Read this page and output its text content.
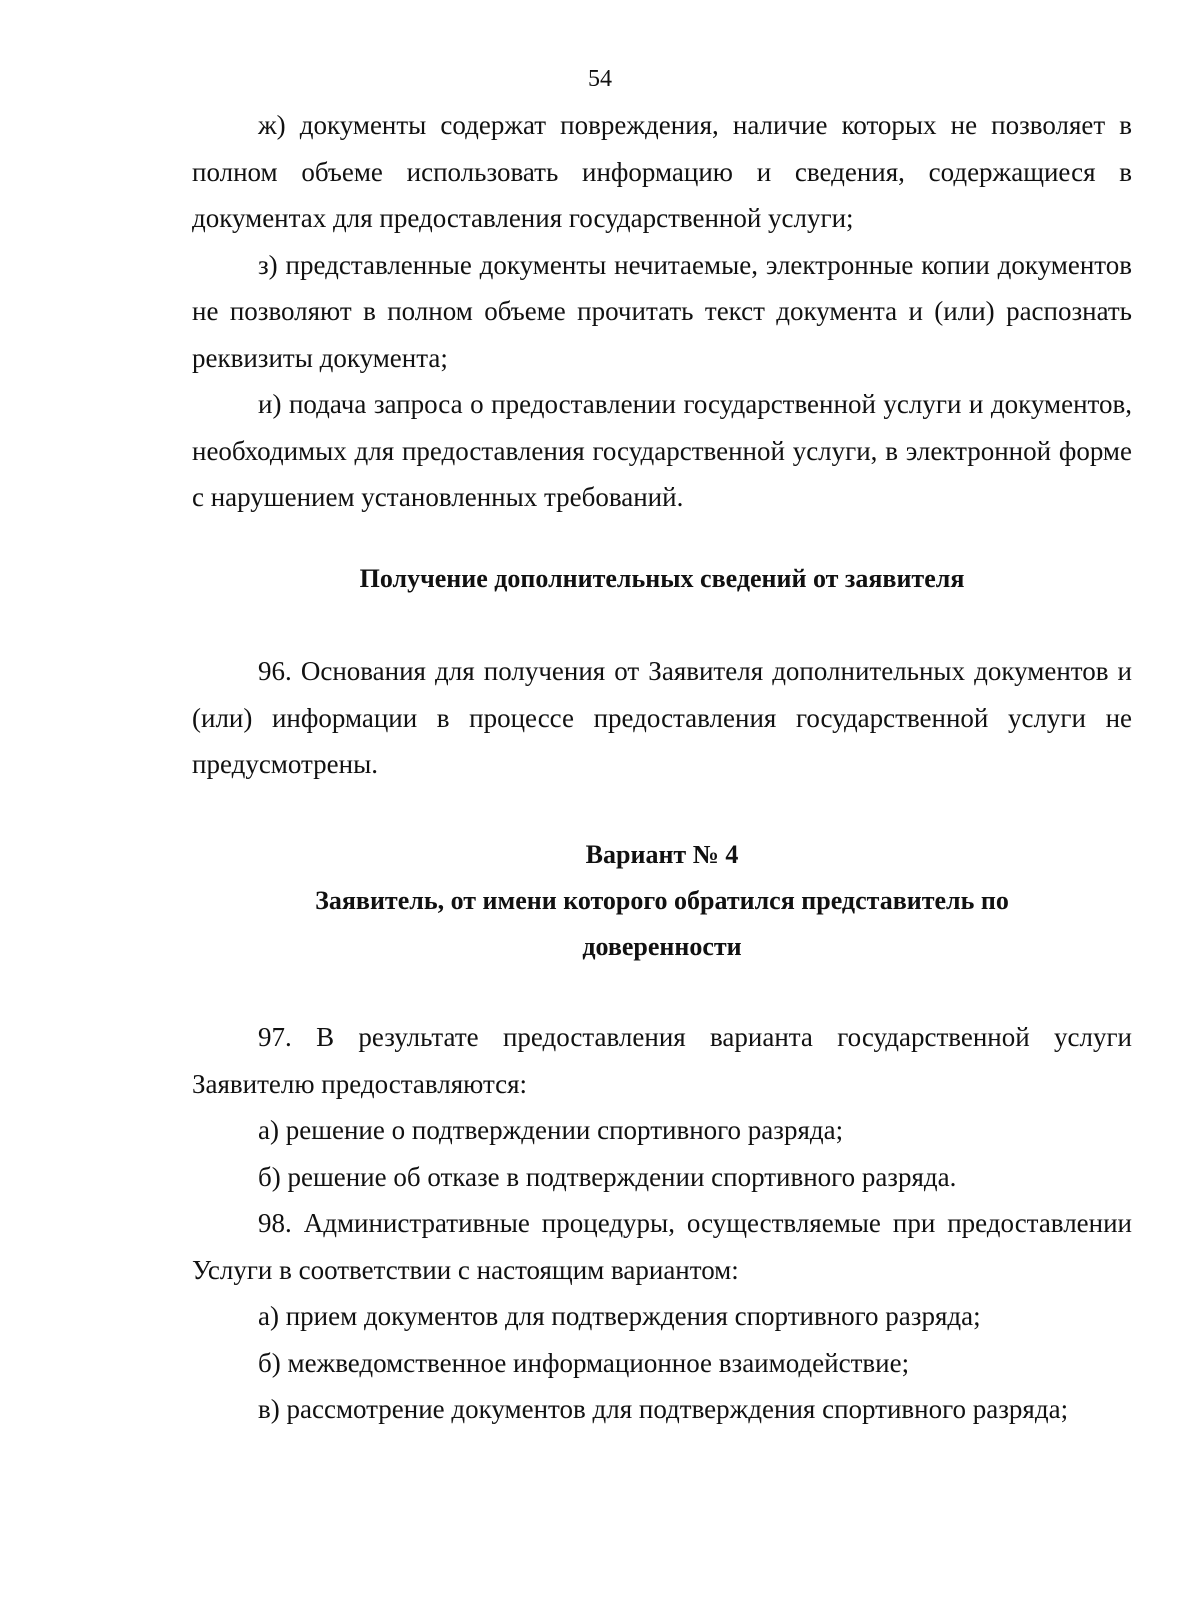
54

ж) документы содержат повреждения, наличие которых не позволяет в полном объеме использовать информацию и сведения, содержащиеся в документах для предоставления государственной услуги;

з) представленные документы нечитаемые, электронные копии документов не позволяют в полном объеме прочитать текст документа и (или) распознать реквизиты документа;

и) подача запроса о предоставлении государственной услуги и документов, необходимых для предоставления государственной услуги, в электронной форме с нарушением установленных требований.

Получение дополнительных сведений от заявителя

96. Основания для получения от Заявителя дополнительных документов и (или) информации в процессе предоставления государственной услуги не предусмотрены.

Вариант № 4
Заявитель, от имени которого обратился представитель по
доверенности

97. В результате предоставления варианта государственной услуги Заявителю предоставляются:

а) решение о подтверждении спортивного разряда;

б) решение об отказе в подтверждении спортивного разряда.

98. Административные процедуры, осуществляемые при предоставлении Услуги в соответствии с настоящим вариантом:

а) прием документов для подтверждения спортивного разряда;

б) межведомственное информационное взаимодействие;

в) рассмотрение документов для подтверждения спортивного разряда;
